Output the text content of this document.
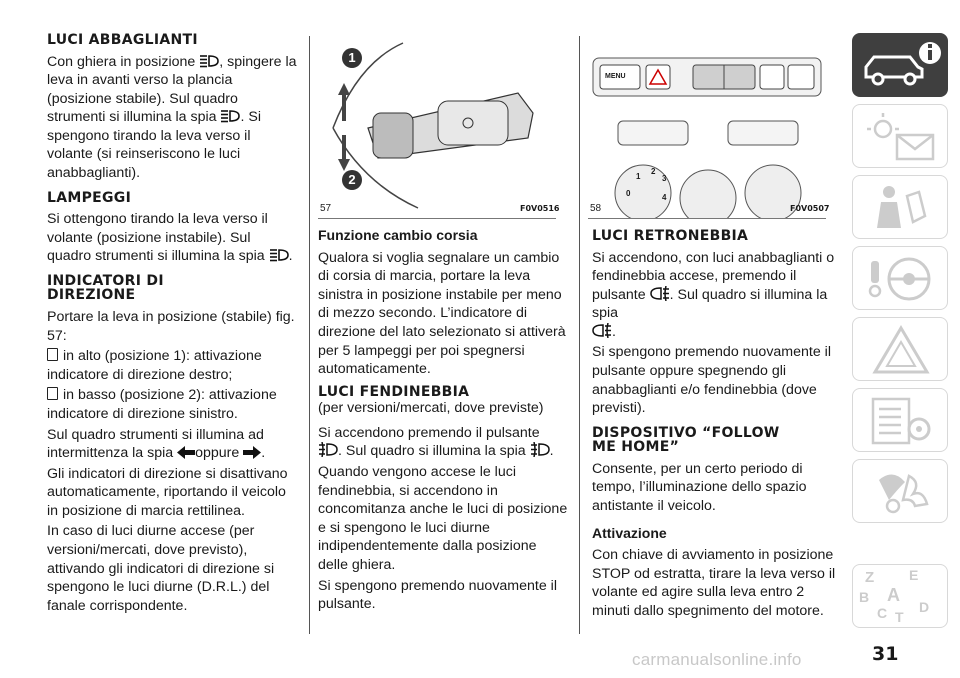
LUCI ABBAGLIANTI

Con ghiera in posizione , spingere la leva in avanti verso la plancia (posizione stabile). Sul quadro strumenti si illumina la spia . Si spengono tirando la leva verso il volante (si reinseriscono le luci anabbaglianti).

LAMPEGGI

Si ottengono tirando la leva verso il volante (posizione instabile). Sul quadro strumenti si illumina la spia .

INDICATORI DI DIREZIONE

Portare la leva in posizione (stabile) fig. 57:

in alto (posizione 1): attivazione indicatore di direzione destro;

in basso (posizione 2): attivazione indicatore di direzione sinistro.

Sul quadro strumenti si illumina ad intermittenza la spia oppure .

Gli indicatori di direzione si disattivano automaticamente, riportando il veicolo in posizione di marcia rettilinea.

In caso di luci diurne accese (per versioni/mercati, dove previsto), attivando gli indicatori di direzione si spengono le luci diurne (D.R.L.) del fanale corrispondente.

1
2
57	F0V0516
Funzione cambio corsia

Qualora si voglia segnalare un cambio di corsia di marcia, portare la leva sinistra in posizione instabile per meno di mezzo secondo. L’indicatore di direzione del lato selezionato si attiverà per 5 lampeggi per poi spegnersi automaticamente.

LUCI FENDINEBBIA

(per versioni/mercati, dove previste)

Si accendono premendo il pulsante
. Sul quadro si illumina la spia .

Quando vengono accese le luci fendinebbia, si accendono in concomitanza anche le luci di posizione e si spengono le luci diurne indipendentemente dalla posizione delle ghiera.

Si spengono premendo nuovamente il pulsante.

MENU
1
2
3
4
0
58	F0V0507
LUCI RETRONEBBIA

Si accendono, con luci anabbaglianti o fendinebbia accese, premendo il pulsante . Sul quadro si illumina la spia
.

Si spengono premendo nuovamente il pulsante oppure spegnendo gli anabbaglianti e/o fendinebbia (dove previsti).

DISPOSITIVO “FOLLOW ME HOME”

Consente, per un certo periodo di tempo, l’illuminazione dello spazio antistante il veicolo.

Attivazione

Con chiave di avviamento in posizione STOP od estratta, tirare la leva verso il volante ed agire sulla leva entro 2 minuti dallo spegnimento del motore.

Z E
B A
C D
T
31
carmanualsonline.info
